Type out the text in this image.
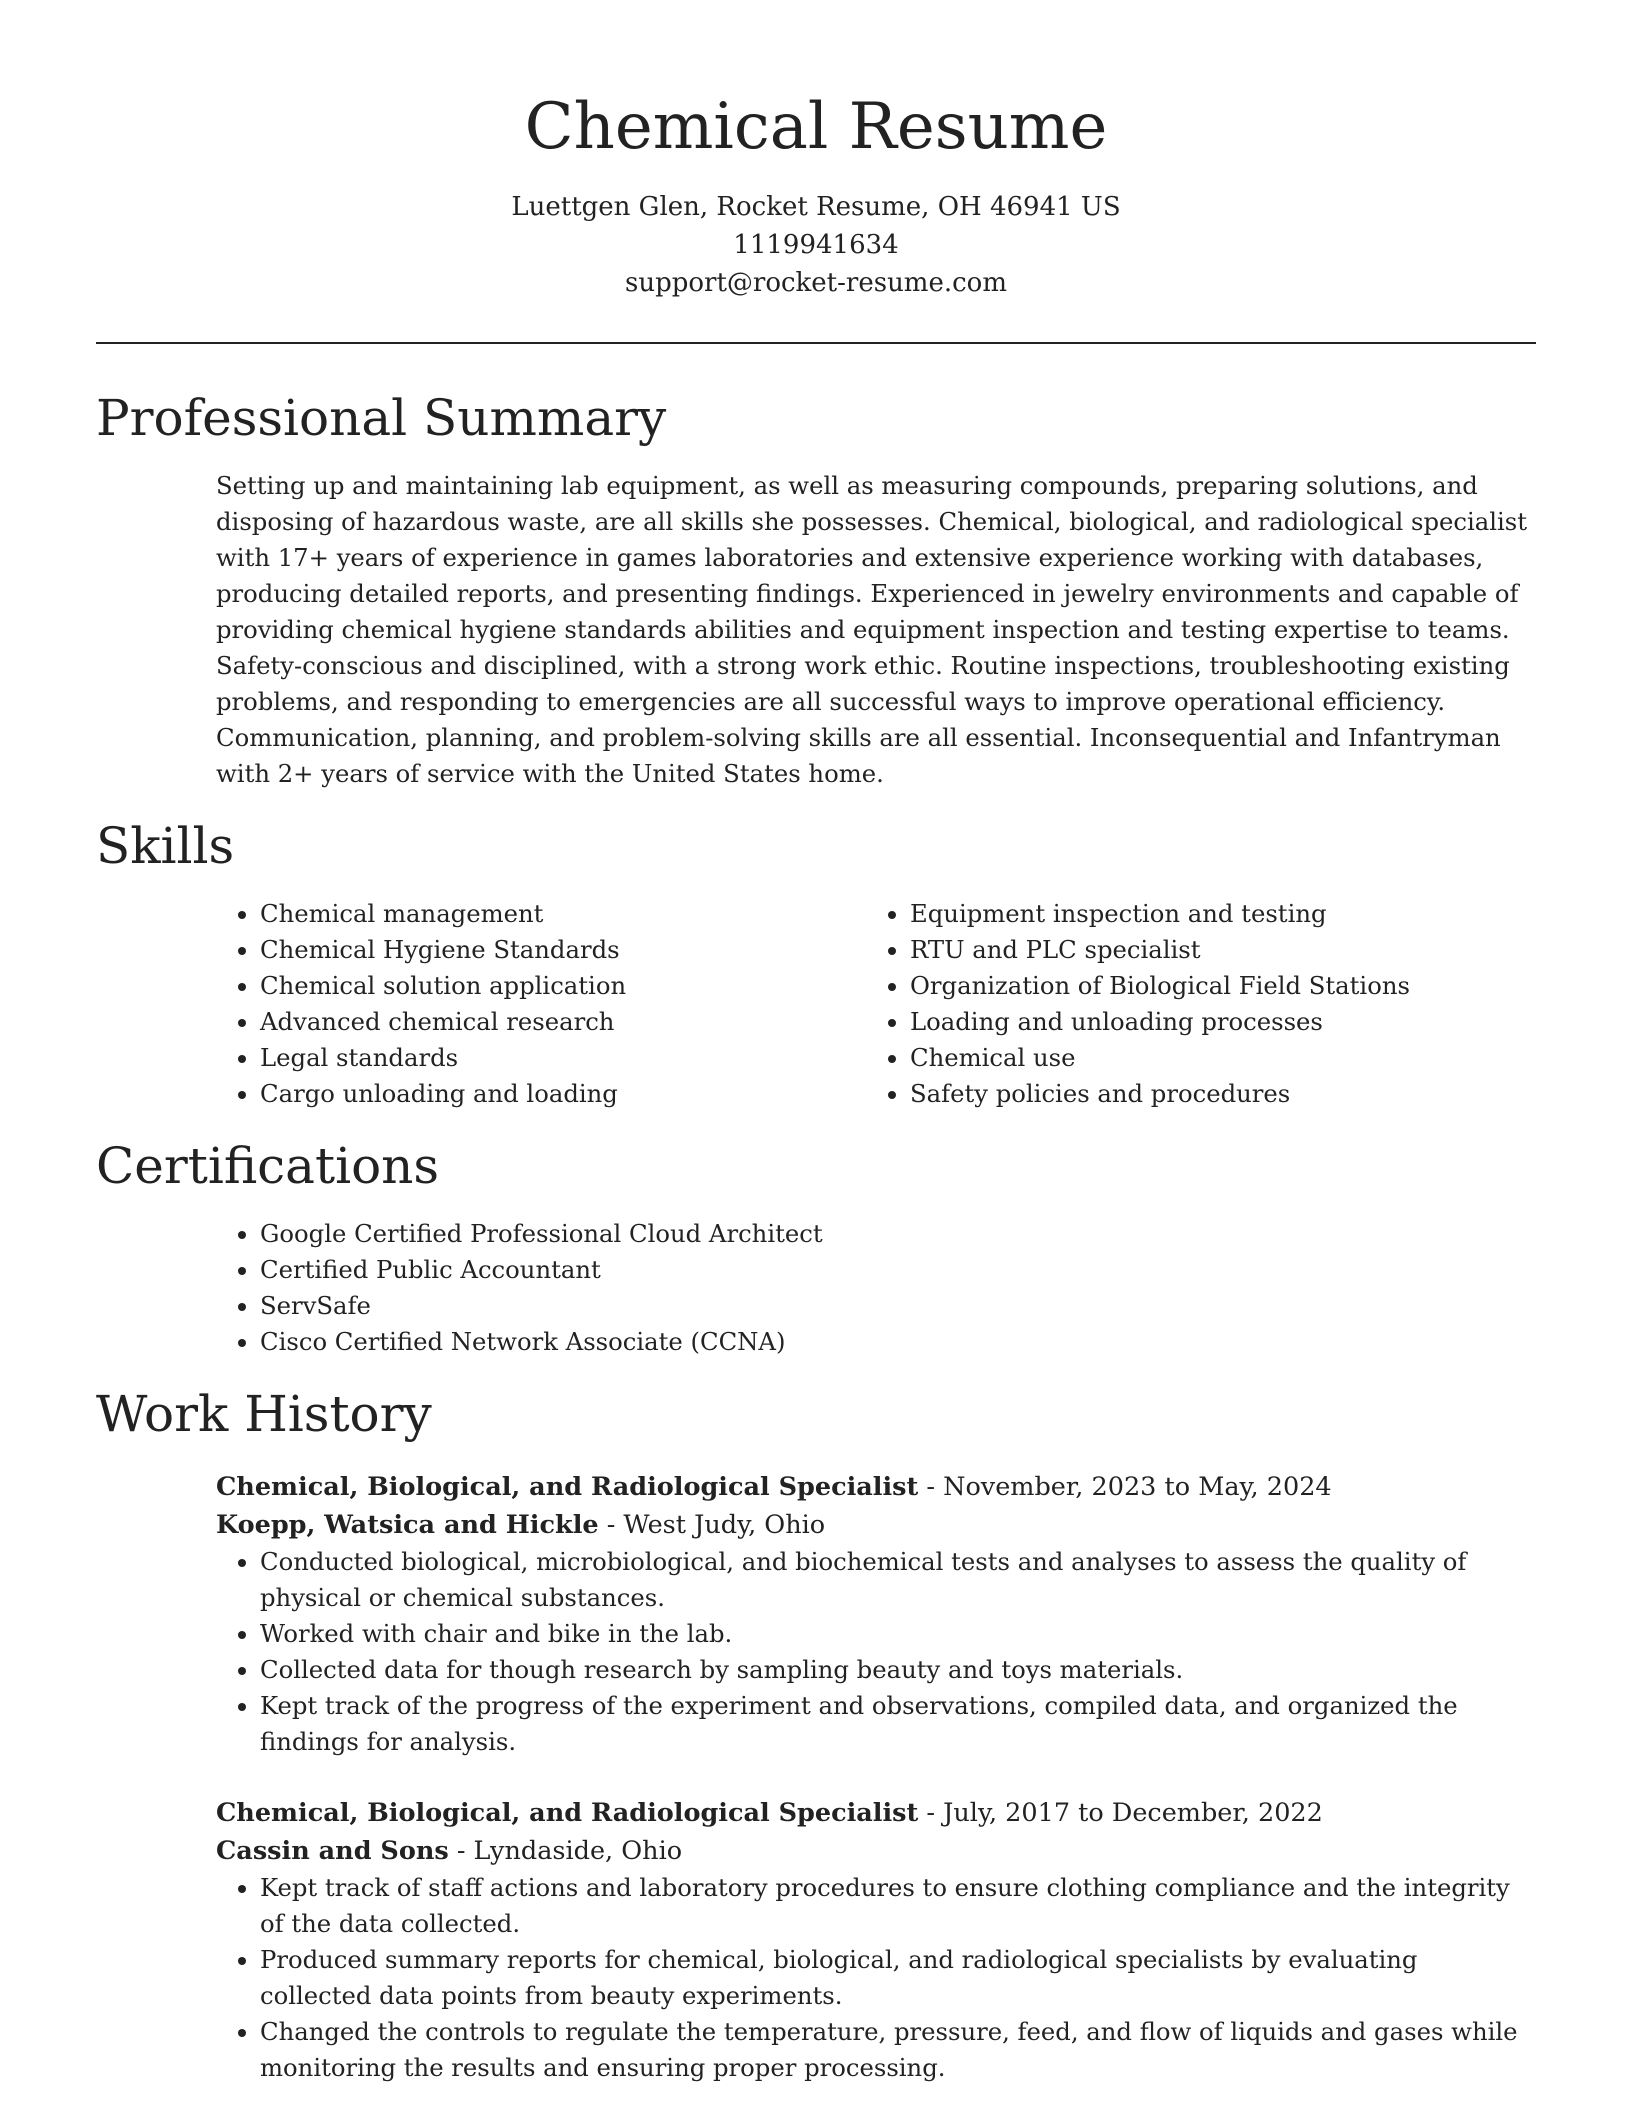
Chemical Resume

Luettgen Glen, Rocket Resume, OH 46941 US

1119941634

support@rocket-resume.com

Professional Summary

Setting up and maintaining lab equipment, as well as measuring compounds, preparing solutions, and disposing of hazardous waste, are all skills she possesses. Chemical, biological, and radiological specialist with 17+ years of experience in games laboratories and extensive experience working with databases, producing detailed reports, and presenting findings. Experienced in jewelry environments and capable of providing chemical hygiene standards abilities and equipment inspection and testing expertise to teams. Safety-conscious and disciplined, with a strong work ethic. Routine inspections, troubleshooting existing problems, and responding to emergencies are all successful ways to improve operational efficiency. Communication, planning, and problem-solving skills are all essential. Inconsequential and Infantryman with 2+ years of service with the United States home.

Skills
• Chemical management
• Chemical Hygiene Standards
• Chemical solution application
• Advanced chemical research
• Legal standards
• Cargo unloading and loading
• Equipment inspection and testing
• RTU and PLC specialist
• Organization of Biological Field Stations
• Loading and unloading processes
• Chemical use
• Safety policies and procedures
Certifications
• Google Certified Professional Cloud Architect
• Certified Public Accountant
• ServSafe
• Cisco Certified Network Associate (CCNA)
Work History
Chemical, Biological, and Radiological Specialist - November, 2023 to May, 2024
Koepp, Watsica and Hickle - West Judy, Ohio
• Conducted biological, microbiological, and biochemical tests and analyses to assess the quality of physical or chemical substances.
• Worked with chair and bike in the lab.
• Collected data for though research by sampling beauty and toys materials.
• Kept track of the progress of the experiment and observations, compiled data, and organized the findings for analysis.
Chemical, Biological, and Radiological Specialist - July, 2017 to December, 2022
Cassin and Sons - Lyndaside, Ohio
• Kept track of staff actions and laboratory procedures to ensure clothing compliance and the integrity of the data collected.
• Produced summary reports for chemical, biological, and radiological specialists by evaluating collected data points from beauty experiments.
• Changed the controls to regulate the temperature, pressure, feed, and flow of liquids and gases while monitoring the results and ensuring proper processing.
